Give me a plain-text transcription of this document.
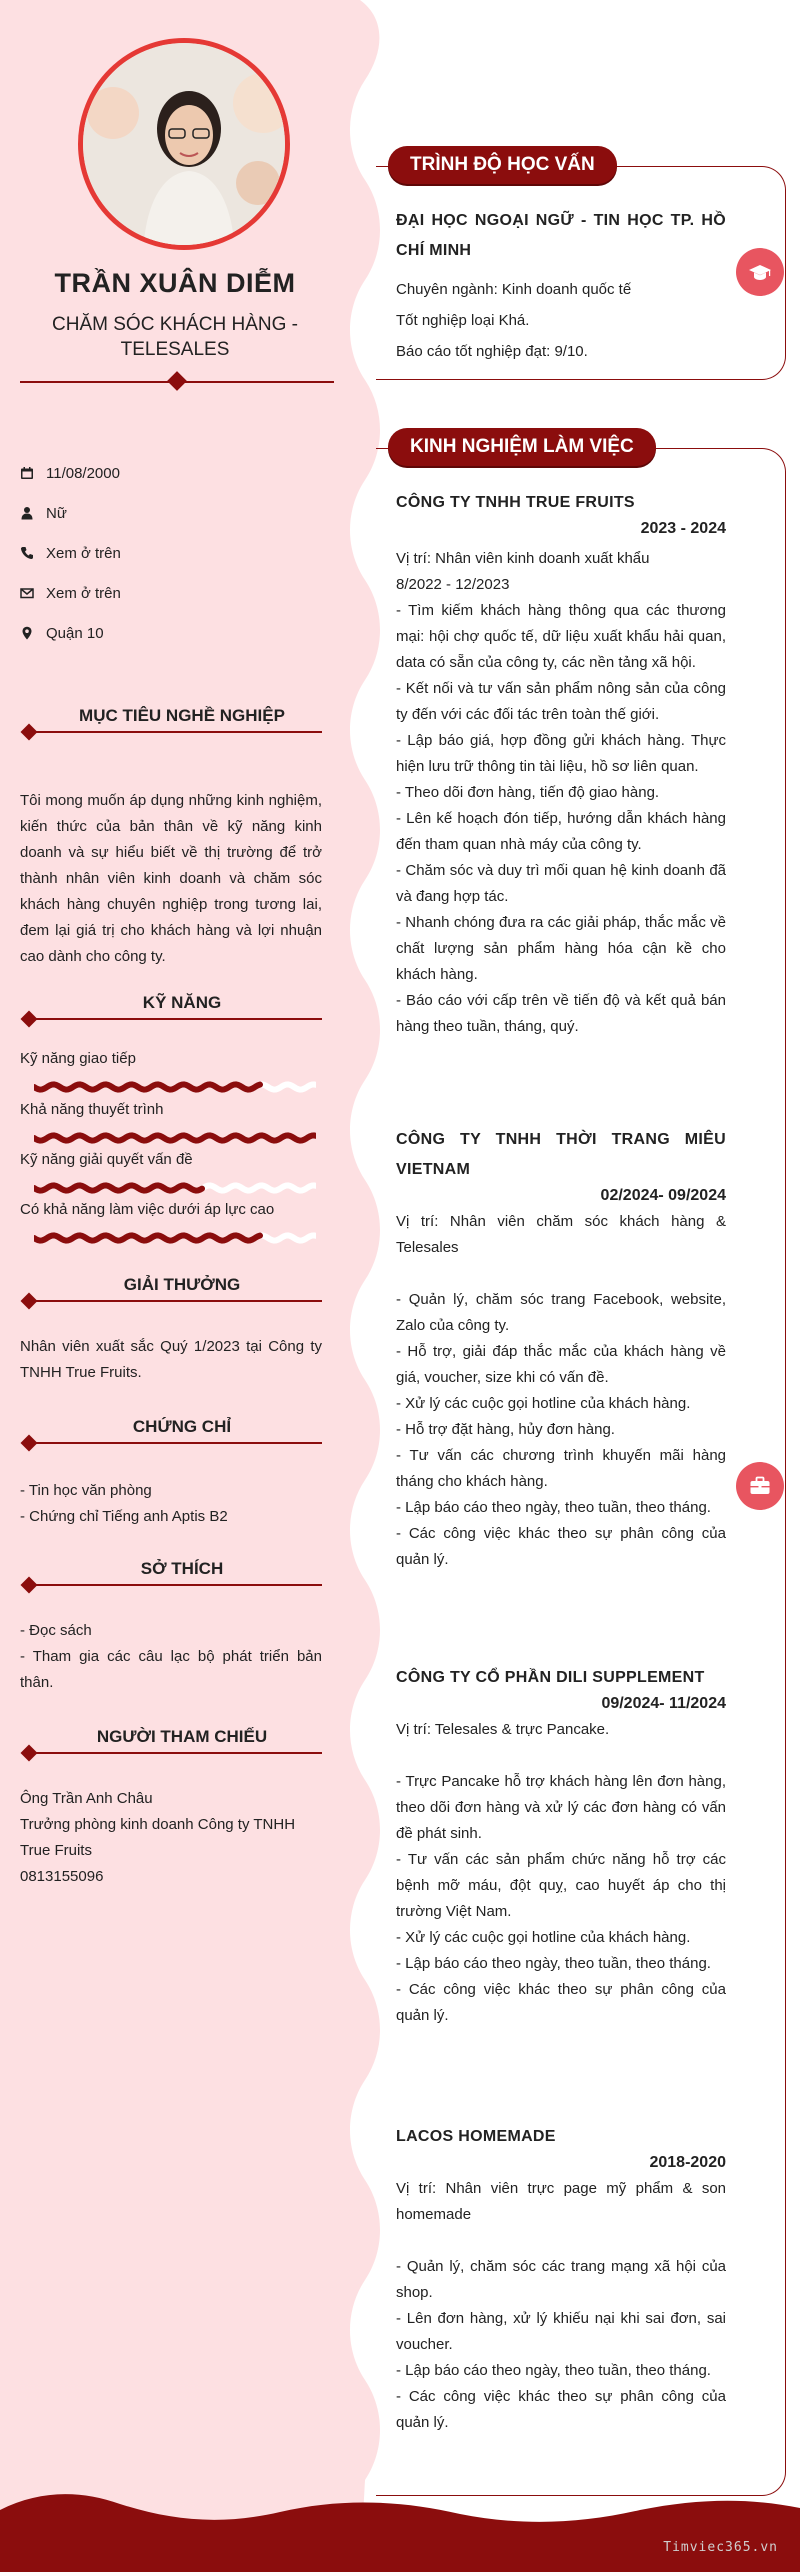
Timviec365.vn
TRẦN XUÂN DIỄM
CHĂM SÓC KHÁCH HÀNG - TELESALES
11/08/2000
Nữ
Xem ở trên
Xem ở trên
Quận 10
MỤC TIÊU NGHỀ NGHIỆP
Tôi mong muốn áp dụng những kinh nghiệm, kiến thức của bản thân về kỹ năng kinh doanh và sự hiểu biết về thị trường để trở thành nhân viên kinh doanh và chăm sóc khách hàng chuyên nghiệp trong tương lai, đem lại giá trị cho khách hàng và lợi nhuận cao dành cho công ty.
KỸ NĂNG
Kỹ năng giao tiếp
Khả năng thuyết trình
Kỹ năng giải quyết vấn đề
Có khả năng làm việc dưới áp lực cao
GIẢI THƯỞNG
Nhân viên xuất sắc Quý 1/2023 tại Công ty TNHH True Fruits.
CHỨNG CHỈ
- Tin học văn phòng
- Chứng chỉ Tiếng anh Aptis B2
SỞ THÍCH
- Đọc sách
- Tham gia các câu lạc bộ phát triển bản thân.
NGƯỜI THAM CHIẾU
Ông Trần Anh Châu
Trưởng phòng kinh doanh Công ty TNHH True Fruits
0813155096
TRÌNH ĐỘ HỌC VẤN
ĐẠI HỌC NGOẠI NGỮ - TIN HỌC TP. HỒ CHÍ MINH
Chuyên ngành: Kinh doanh quốc tế
Tốt nghiệp loại Khá.
Báo cáo tốt nghiệp đạt: 9/10.
KINH NGHIỆM LÀM VIỆC
CÔNG TY TNHH TRUE FRUITS
2023 - 2024
Vị trí: Nhân viên kinh doanh xuất khẩu
8/2022 - 12/2023
- Tìm kiếm khách hàng thông qua các thương mại: hội chợ quốc tế, dữ liệu xuất khẩu hải quan, data có sẵn của công ty, các nền tảng xã hội.
- Kết nối và tư vấn sản phẩm nông sản của công ty đến với các đối tác trên toàn thế giới.
- Lập báo giá, hợp đồng gửi khách hàng. Thực hiện lưu trữ thông tin tài liệu, hồ sơ liên quan.
- Theo dõi đơn hàng, tiến độ giao hàng.
- Lên kế hoạch đón tiếp, hướng dẫn khách hàng đến tham quan nhà máy của công ty.
- Chăm sóc và duy trì mối quan hệ kinh doanh đã và đang hợp tác.
- Nhanh chóng đưa ra các giải pháp, thắc mắc về chất lượng sản phẩm hàng hóa cận kề cho khách hàng.
- Báo cáo với cấp trên về tiến độ và kết quả bán hàng theo tuần, tháng, quý.
CÔNG TY TNHH THỜI TRANG MIÊU VIETNAM
02/2024- 09/2024
Vị trí: Nhân viên chăm sóc khách hàng & Telesales
- Quản lý, chăm sóc trang Facebook, website, Zalo của công ty.
- Hỗ trợ, giải đáp thắc mắc của khách hàng về giá, voucher, size khi có vấn đề.
- Xử lý các cuộc gọi hotline của khách hàng.
- Hỗ trợ đặt hàng, hủy đơn hàng.
- Tư vấn các chương trình khuyến mãi hàng tháng cho khách hàng.
- Lập báo cáo theo ngày, theo tuần, theo tháng.
- Các công việc khác theo sự phân công của quản lý.
CÔNG TY CỔ PHẦN DILI SUPPLEMENT
09/2024- 11/2024
Vị trí: Telesales & trực Pancake.
- Trực Pancake hỗ trợ khách hàng lên đơn hàng, theo dõi đơn hàng và xử lý các đơn hàng có vấn đề phát sinh.
- Tư vấn các sản phẩm chức năng hỗ trợ các bệnh mỡ máu, đột quỵ, cao huyết áp cho thị trường Việt Nam.
- Xử lý các cuộc gọi hotline của khách hàng.
- Lập báo cáo theo ngày, theo tuần, theo tháng.
- Các công việc khác theo sự phân công của quản lý.
LACOS HOMEMADE
2018-2020
Vị trí: Nhân viên trực page mỹ phẩm & son homemade
- Quản lý, chăm sóc các trang mạng xã hội của shop.
- Lên đơn hàng, xử lý khiếu nại khi sai đơn, sai voucher.
- Lập báo cáo theo ngày, theo tuần, theo tháng.
- Các công việc khác theo sự phân công của quản lý.
